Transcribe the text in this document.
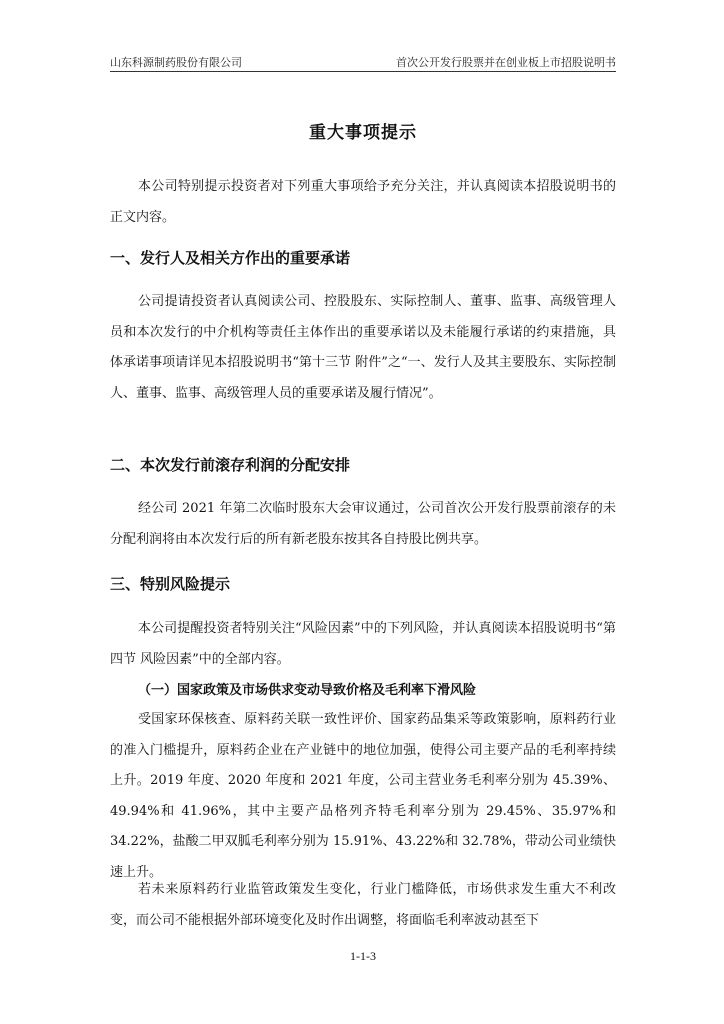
山东科源制药股份有限公司	首次公开发行股票并在创业板上市招股说明书
重大事项提示

本公司特别提示投资者对下列重大事项给予充分关注，并认真阅读本招股说明书的正文内容。

一、发行人及相关方作出的重要承诺

公司提请投资者认真阅读公司、控股股东、实际控制人、董事、监事、高级管理人员和本次发行的中介机构等责任主体作出的重要承诺以及未能履行承诺的约束措施，具体承诺事项请详见本招股说明书“第十三节 附件”之“一、发行人及其主要股东、实际控制人、董事、监事、高级管理人员的重要承诺及履行情况”。

二、本次发行前滚存利润的分配安排

经公司 2021 年第二次临时股东大会审议通过，公司首次公开发行股票前滚存的未分配利润将由本次发行后的所有新老股东按其各自持股比例共享。

三、特别风险提示

本公司提醒投资者特别关注“风险因素”中的下列风险，并认真阅读本招股说明书“第四节 风险因素”中的全部内容。

（一）国家政策及市场供求变动导致价格及毛利率下滑风险

受国家环保核查、原料药关联一致性评价、国家药品集采等政策影响，原料药行业的准入门槛提升，原料药企业在产业链中的地位加强，使得公司主要产品的毛利率持续上升。2019 年度、2020 年度和 2021 年度，公司主营业务毛利率分别为 45.39%、49.94%和 41.96%，其中主要产品格列齐特毛利率分别为 29.45%、35.97%和 34.22%，盐酸二甲双胍毛利率分别为 15.91%、43.22%和 32.78%，带动公司业绩快速上升。

若未来原料药行业监管政策发生变化，行业门槛降低，市场供求发生重大不利改变，而公司不能根据外部环境变化及时作出调整，将面临毛利率波动甚至下

1-1-3
